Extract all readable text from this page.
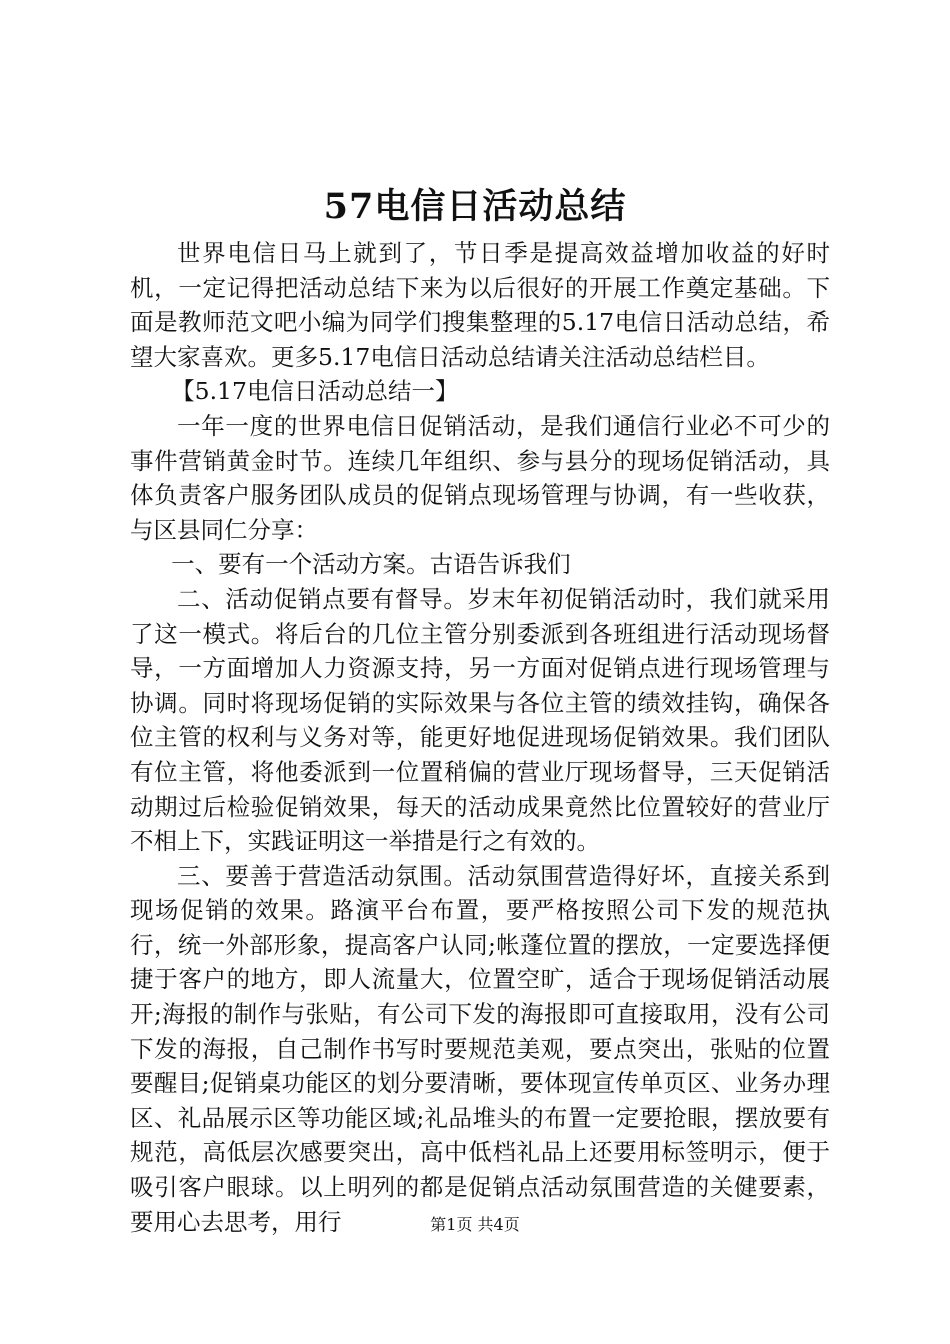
57电信日活动总结

世界电信日马上就到了，节日季是提高效益增加收益的好时机，一定记得把活动总结下来为以后很好的开展工作奠定基础。下面是教师范文吧小编为同学们搜集整理的5.17电信日活动总结，希望大家喜欢。更多5.17电信日活动总结请关注活动总结栏目。

【5.17电信日活动总结一】

一年一度的世界电信日促销活动，是我们通信行业必不可少的事件营销黄金时节。连续几年组织、参与县分的现场促销活动，具体负责客户服务团队成员的促销点现场管理与协调，有一些收获，与区县同仁分享：

一、要有一个活动方案。古语告诉我们

二、活动促销点要有督导。岁末年初促销活动时，我们就采用了这一模式。将后台的几位主管分别委派到各班组进行活动现场督导，一方面增加人力资源支持，另一方面对促销点进行现场管理与协调。同时将现场促销的实际效果与各位主管的绩效挂钩，确保各位主管的权利与义务对等，能更好地促进现场促销效果。我们团队有位主管，将他委派到一位置稍偏的营业厅现场督导，三天促销活动期过后检验促销效果，每天的活动成果竟然比位置较好的营业厅不相上下，实践证明这一举措是行之有效的。

三、要善于营造活动氛围。活动氛围营造得好坏，直接关系到现场促销的效果。路演平台布置，要严格按照公司下发的规范执行，统一外部形象，提高客户认同;帐蓬位置的摆放，一定要选择便捷于客户的地方，即人流量大，位置空旷，适合于现场促销活动展开;海报的制作与张贴，有公司下发的海报即可直接取用，没有公司下发的海报，自己制作书写时要规范美观，要点突出，张贴的位置要醒目;促销桌功能区的划分要清晰，要体现宣传单页区、业务办理区、礼品展示区等功能区域;礼品堆头的布置一定要抢眼，摆放要有规范，高低层次感要突出，高中低档礼品上还要用标签明示，便于吸引客户眼球。以上明列的都是促销点活动氛围营造的关健要素，要用心去思考，用行	第1页 共4页
